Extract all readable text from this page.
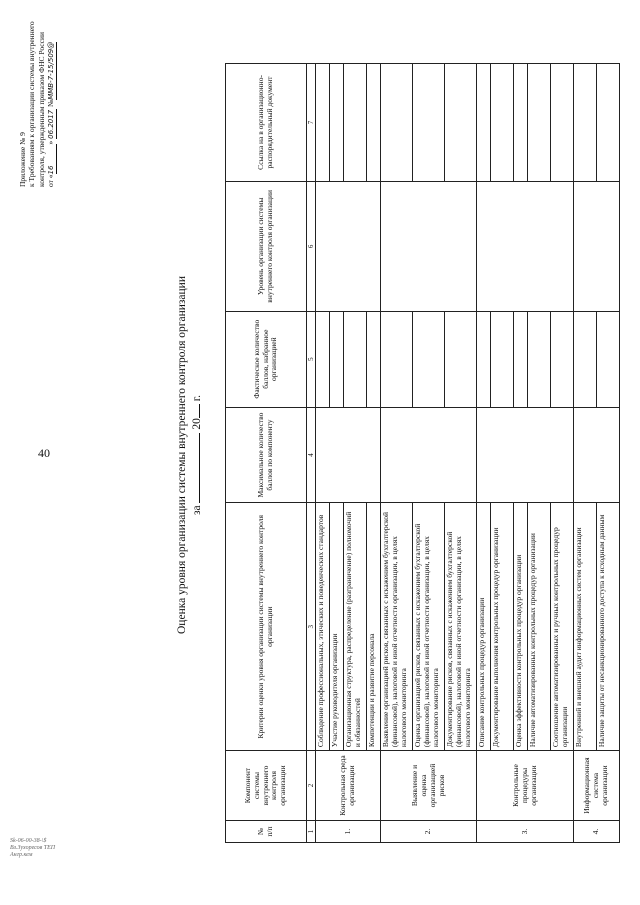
40
Sk-06-00-38-\$ Вз.Зухоресов ТЕП Ангр.кем
Приложение № 9 к Требованиям к организации системы внутреннего контроля, утвержденным приказом ФНС России от «16» 06.2017 №ММВ-7-15/509@
Оценка уровня организации системы внутреннего контроля организации за  20 г.
№ п/п	Компонент системы внутреннего контроля организации	Критерии оценки уровня организации системы внутреннего контроля организации	Максимальное количество баллов по компоненту	Фактическое количество баллов, набранное организацией	Уровень организации системы внутреннего контроля организации	Ссылка на в организационно-распорядительный документ
1	2	3	4	5	6	7
1.	Контрольная среда организации	Соблюдение профессиональных, этических и поведенческих стандартов				
		Участие руководителя организации				
		Организационная структура, распределение (разграничение) полномочий и обязанностей				
		Компетенции и развитие персонала				
2.	Выявление и оценка организацией рисков	Выявление организацией рисков, связанных с искажением бухгалтерской (финансовой), налоговой и иной отчетности организации, в целях налогового мониторинга				
		Оценка организацией рисков, связанных с искажением бухгалтерской (финансовой), налоговой и иной отчетности организации, в целях налогового мониторинга				
		Документирование рисков, связанных с искажением бухгалтерской (финансовой), налоговой и иной отчетности организации, в целях налогового мониторинга				
3.	Контрольные процедуры организации	Описание контрольных процедур организации				
		Документирование выполнения контрольных процедур организации				
		Оценка эффективности контрольных процедур организации				
		Наличие автоматизированных контрольных процедур организации				
		Соотношение автоматизированных и ручных контрольных процедур организации				
4.	Информационная система организации	Внутренний и внешний аудит информационных систем организации				
		Наличие защиты от несанкционированного доступа к исходным данным				
